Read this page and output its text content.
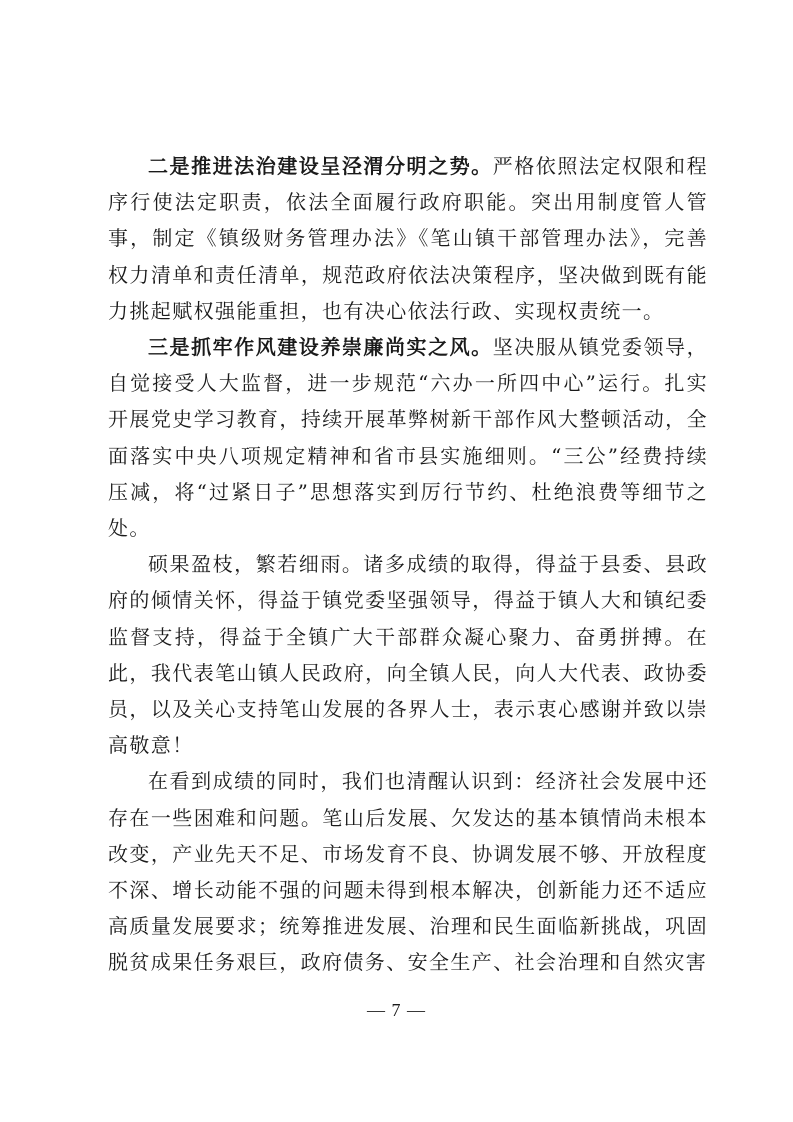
二是推进法治建设呈泾渭分明之势。严格依照法定权限和程序行使法定职责，依法全面履行政府职能。突出用制度管人管事，制定《镇级财务管理办法》《笔山镇干部管理办法》，完善权力清单和责任清单，规范政府依法决策程序，坚决做到既有能力挑起赋权强能重担，也有决心依法行政、实现权责统一。

三是抓牢作风建设养崇廉尚实之风。坚决服从镇党委领导，自觉接受人大监督，进一步规范“六办一所四中心”运行。扎实开展党史学习教育，持续开展革弊树新干部作风大整顿活动，全面落实中央八项规定精神和省市县实施细则。“三公”经费持续压减，将“过紧日子”思想落实到厉行节约、杜绝浪费等细节之处。

硕果盈枝，繁若细雨。诸多成绩的取得，得益于县委、县政府的倾情关怀，得益于镇党委坚强领导，得益于镇人大和镇纪委监督支持，得益于全镇广大干部群众凝心聚力、奋勇拼搏。在此，我代表笔山镇人民政府，向全镇人民，向人大代表、政协委员，以及关心支持笔山发展的各界人士，表示衷心感谢并致以崇高敬意！

在看到成绩的同时，我们也清醒认识到：经济社会发展中还存在一些困难和问题。笔山后发展、欠发达的基本镇情尚未根本改变，产业先天不足、市场发育不良、协调发展不够、开放程度不深、增长动能不强的问题未得到根本解决，创新能力还不适应高质量发展要求；统筹推进发展、治理和民生面临新挑战，巩固脱贫成果任务艰巨，政府债务、安全生产、社会治理和自然灾害

— 7 —
